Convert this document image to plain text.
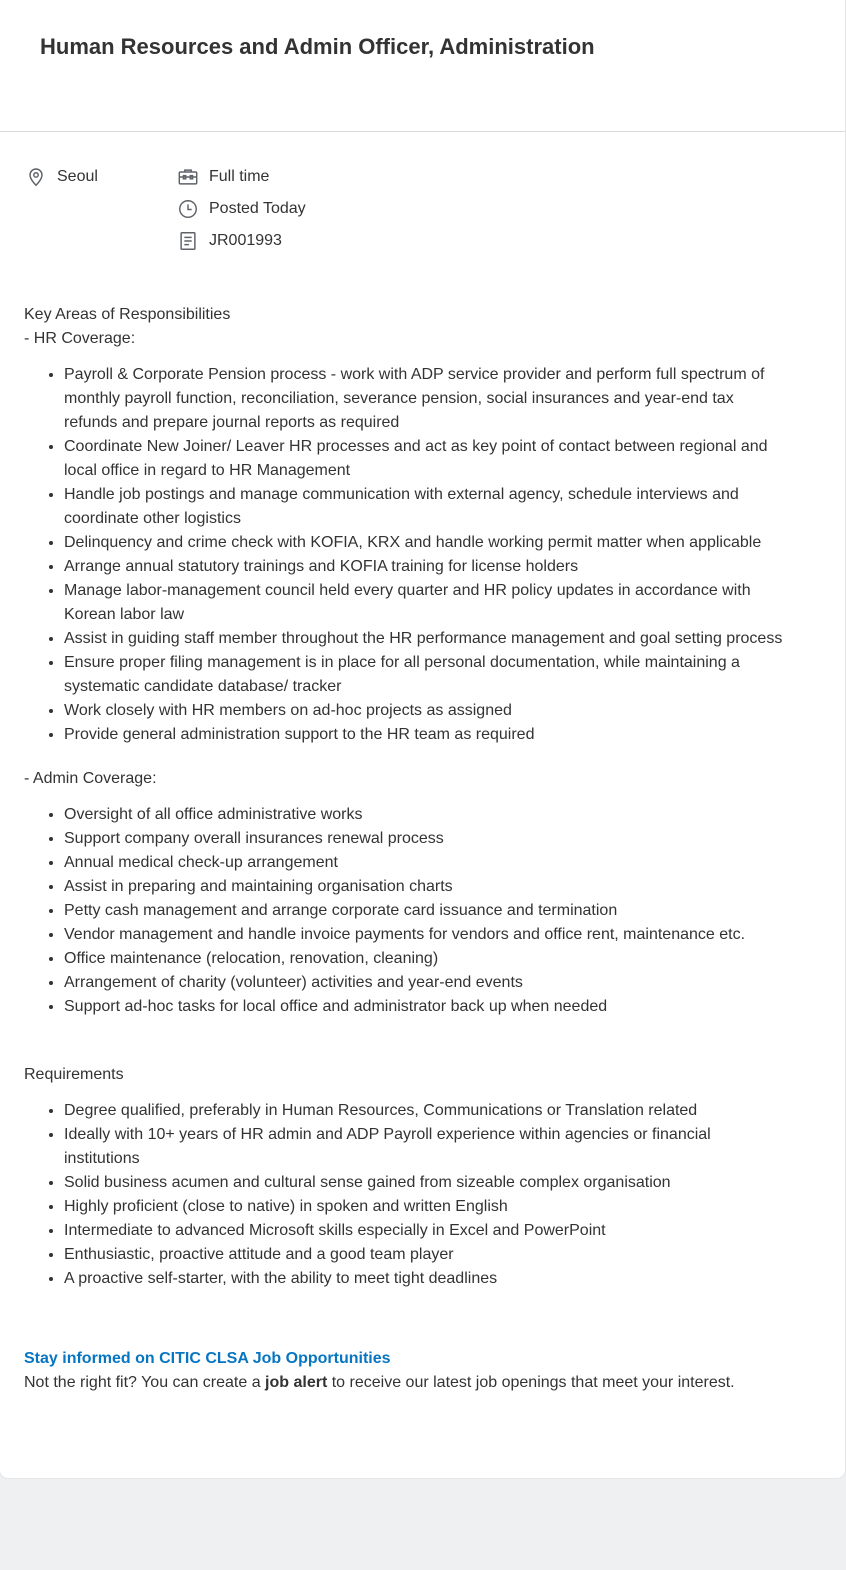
Human Resources and Admin Officer, Administration
Seoul	Full time
Posted Today
JR001993

Key Areas of Responsibilities

- HR Coverage:

• Payroll & Corporate Pension process - work with ADP service provider and perform full spectrum of monthly payroll function, reconciliation, severance pension, social insurances and year-end tax refunds and prepare journal reports as required
• Coordinate New Joiner/ Leaver HR processes and act as key point of contact between regional and local office in regard to HR Management
• Handle job postings and manage communication with external agency, schedule interviews and coordinate other logistics
• Delinquency and crime check with KOFIA, KRX and handle working permit matter when applicable
• Arrange annual statutory trainings and KOFIA training for license holders
• Manage labor-management council held every quarter and HR policy updates in accordance with Korean labor law
• Assist in guiding staff member throughout the HR performance management and goal setting process
• Ensure proper filing management is in place for all personal documentation, while maintaining a systematic candidate database/ tracker
• Work closely with HR members on ad-hoc projects as assigned
• Provide general administration support to the HR team as required

- Admin Coverage:

• Oversight of all office administrative works
• Support company overall insurances renewal process
• Annual medical check-up arrangement
• Assist in preparing and maintaining organisation charts
• Petty cash management and arrange corporate card issuance and termination
• Vendor management and handle invoice payments for vendors and office rent, maintenance etc.
• Office maintenance (relocation, renovation, cleaning)
• Arrangement of charity (volunteer) activities and year-end events
• Support ad-hoc tasks for local office and administrator back up when needed

Requirements

• Degree qualified, preferably in Human Resources, Communications or Translation related
• Ideally with 10+ years of HR admin and ADP Payroll experience within agencies or financial institutions
• Solid business acumen and cultural sense gained from sizeable complex organisation
• Highly proficient (close to native) in spoken and written English
• Intermediate to advanced Microsoft skills especially in Excel and PowerPoint
• Enthusiastic, proactive attitude and a good team player
• A proactive self-starter, with the ability to meet tight deadlines

Stay informed on CITIC CLSA Job Opportunities

Not the right fit? You can create a job alert to receive our latest job openings that meet your interest.
